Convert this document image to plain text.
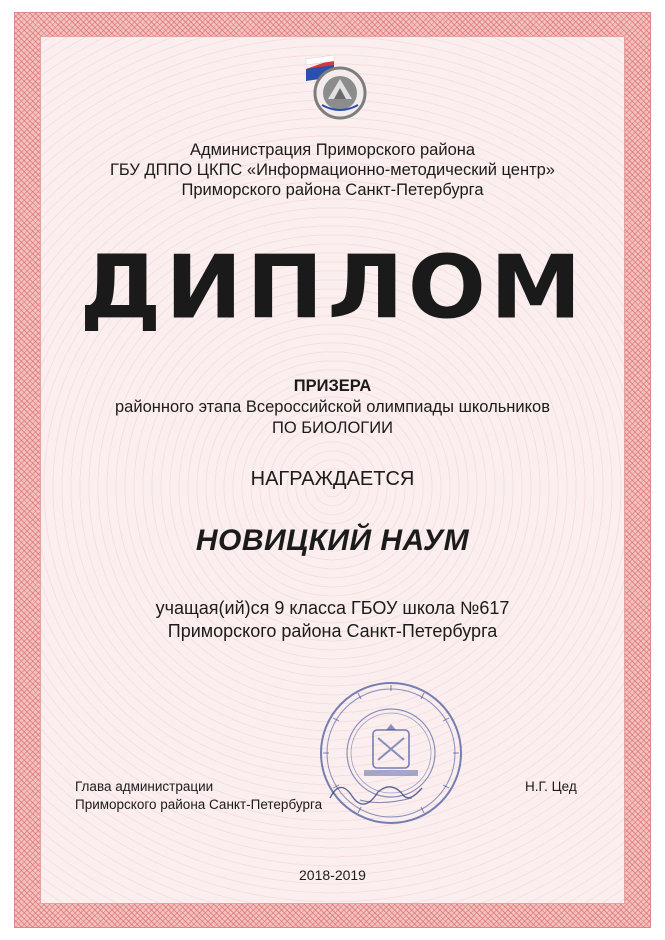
Администрация Приморского района
ГБУ ДППО ЦКПС «Информационно-методический центр»
Приморского района Санкт-Петербурга
ДИПЛОМ
ПРИЗЕРА
районного этапа Всероссийской олимпиады школьников
ПО БИОЛОГИИ
НАГРАЖДАЕТСЯ
НОВИЦКИЙ НАУМ
учащая(ий)ся 9 класса ГБОУ школа №617
Приморского района Санкт-Петербурга
Глава администрации
Приморского района Санкт-Петербурга
Н.Г. Цед
2018-2019
